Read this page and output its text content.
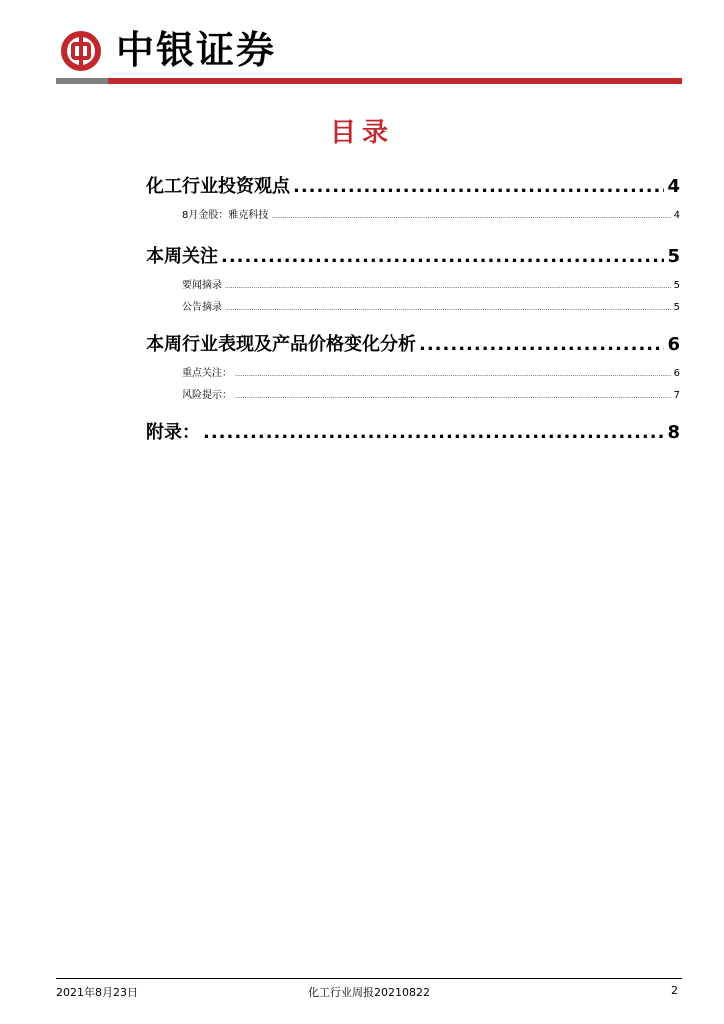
中银证券
目录
化工行业投资观点 .....	4
8月金股：雅克科技 .....	4
本周关注 .....	5
要闻摘录 .....	5
公告摘录 .....	5
本周行业表现及产品价格变化分析 .....	6
重点关注： .....	6
风险提示： .....	7
附录： .....	8
2021年8月23日	化工行业周报20210822	2
